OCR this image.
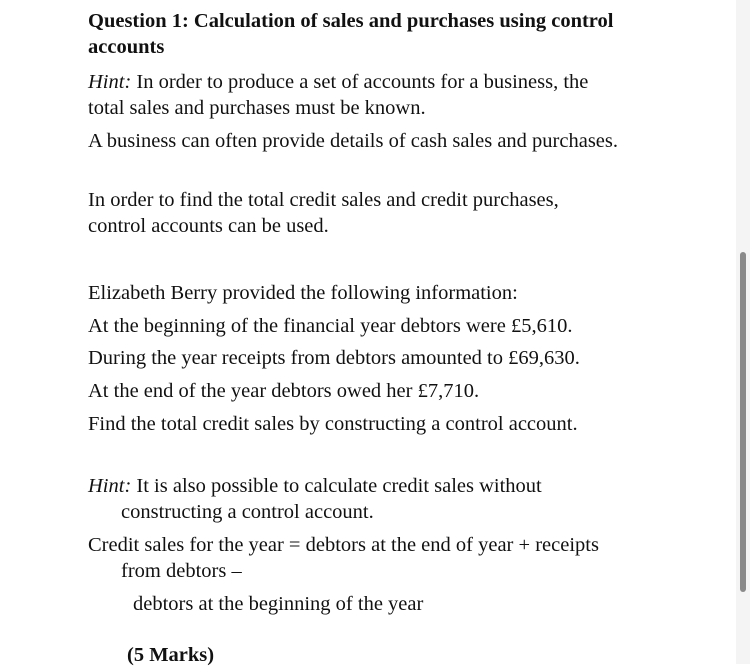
Question 1: Calculation of sales and purchases using control
accounts
Hint: In order to produce a set of accounts for a business, the
total sales and purchases must be known.
A business can often provide details of cash sales and purchases.
In order to find the total credit sales and credit purchases,
control accounts can be used.
Elizabeth Berry provided the following information:
At the beginning of the financial year debtors were £5,610.
During the year receipts from debtors amounted to £69,630.
At the end of the year debtors owed her £7,710.
Find the total credit sales by constructing a control account.
Hint: It is also possible to calculate credit sales without
constructing a control account.
Credit sales for the year = debtors at the end of year + receipts
from debtors –
debtors at the beginning of the year
(5 Marks)
